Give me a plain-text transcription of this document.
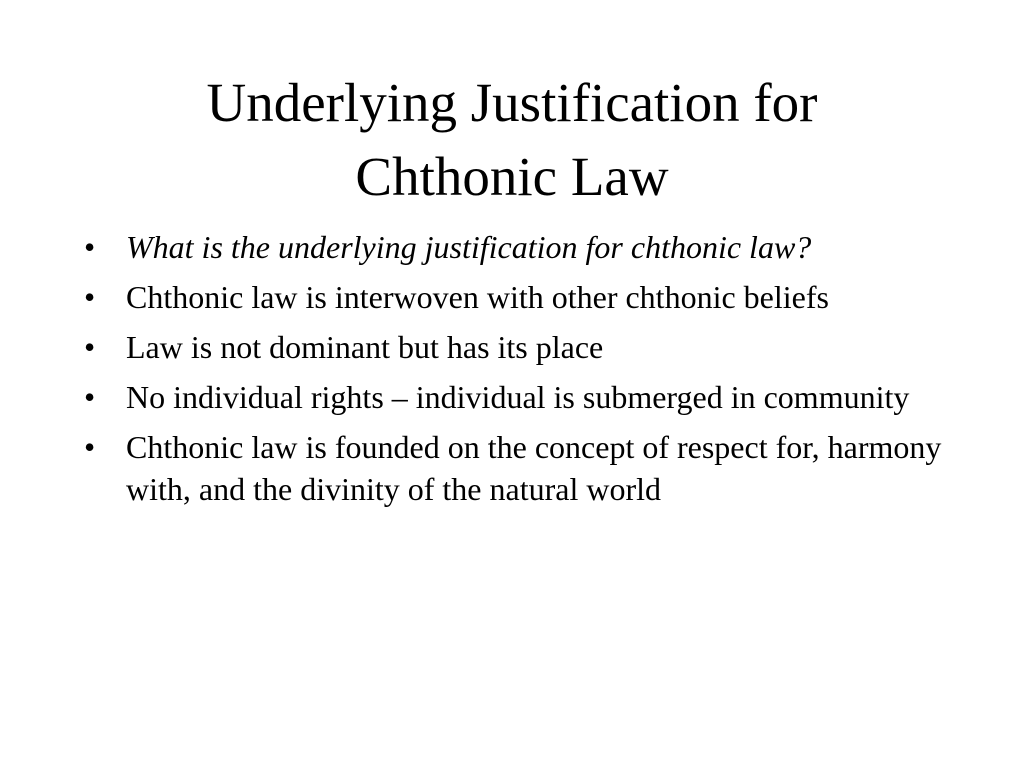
Underlying Justification for
Chthonic Law
• What is the underlying justification for chthonic law?
• Chthonic law is interwoven with other chthonic beliefs
• Law is not dominant but has its place
• No individual rights – individual is submerged in community
• Chthonic law is founded on the concept of respect for, harmony with, and the divinity of the natural world
